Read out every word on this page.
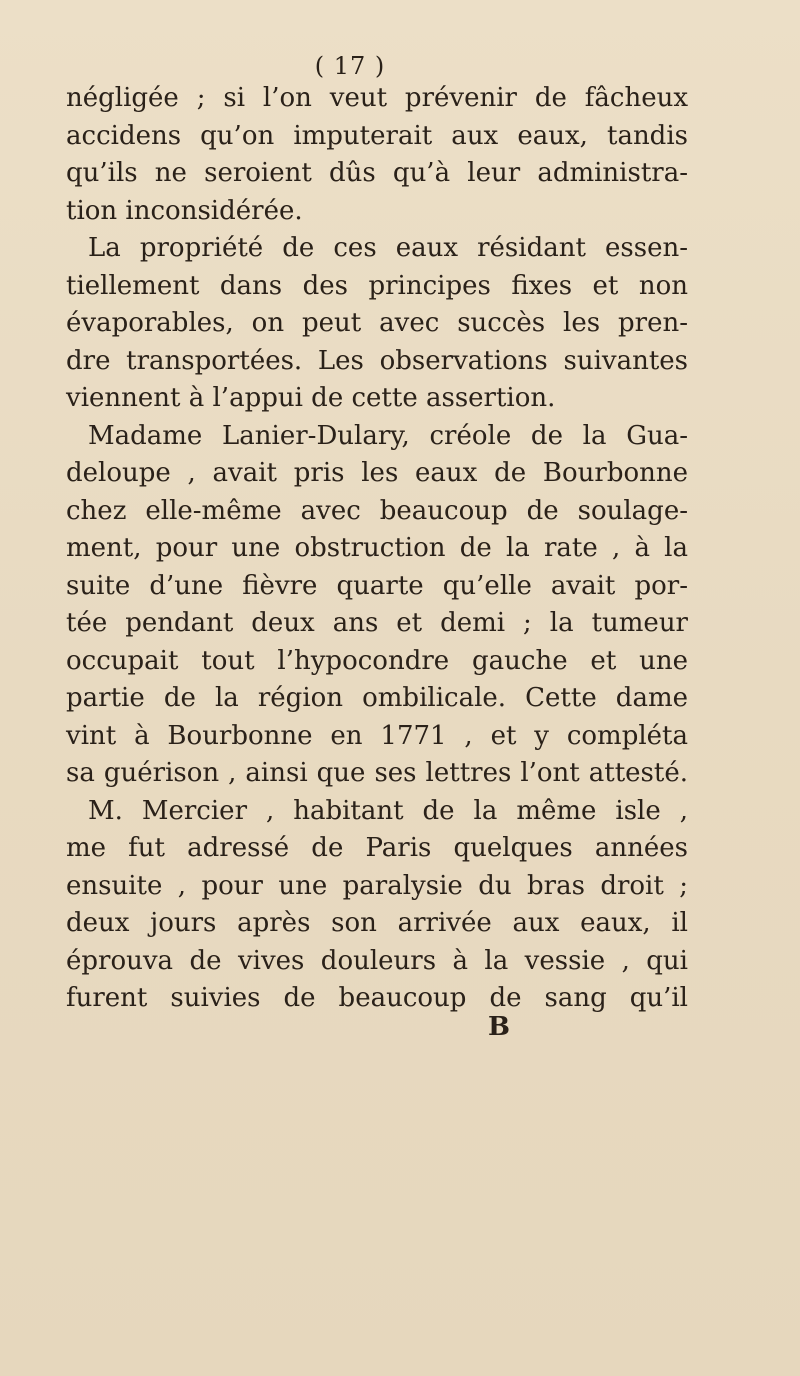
( 17 )
négligée ; si l’on veut prévenir de fâcheux
accidens qu’on imputerait aux eaux, tandis
qu’ils ne seroient dûs qu’à leur administra-
tion inconsidérée.
La propriété de ces eaux résidant essen-
tiellement dans des principes fixes et non
évaporables, on peut avec succès les pren-
dre transportées. Les observations suivantes
viennent à l’appui de cette assertion.
Madame Lanier-Dulary, créole de la Gua-
deloupe , avait pris les eaux de Bourbonne
chez elle-même avec beaucoup de soulage-
ment, pour une obstruction de la rate , à la
suite d’une fièvre quarte qu’elle avait por-
tée pendant deux ans et demi ; la tumeur
occupait tout l’hypocondre gauche et une
partie de la région ombilicale. Cette dame
vint à Bourbonne en 1771 , et y compléta
sa guérison , ainsi que ses lettres l’ont attesté.
M. Mercier , habitant de la même isle ,
me fut adressé de Paris quelques années
ensuite , pour une paralysie du bras droit ;
deux jours après son arrivée aux eaux, il
éprouva de vives douleurs à la vessie , qui
furent suivies de beaucoup de sang qu’il
B
